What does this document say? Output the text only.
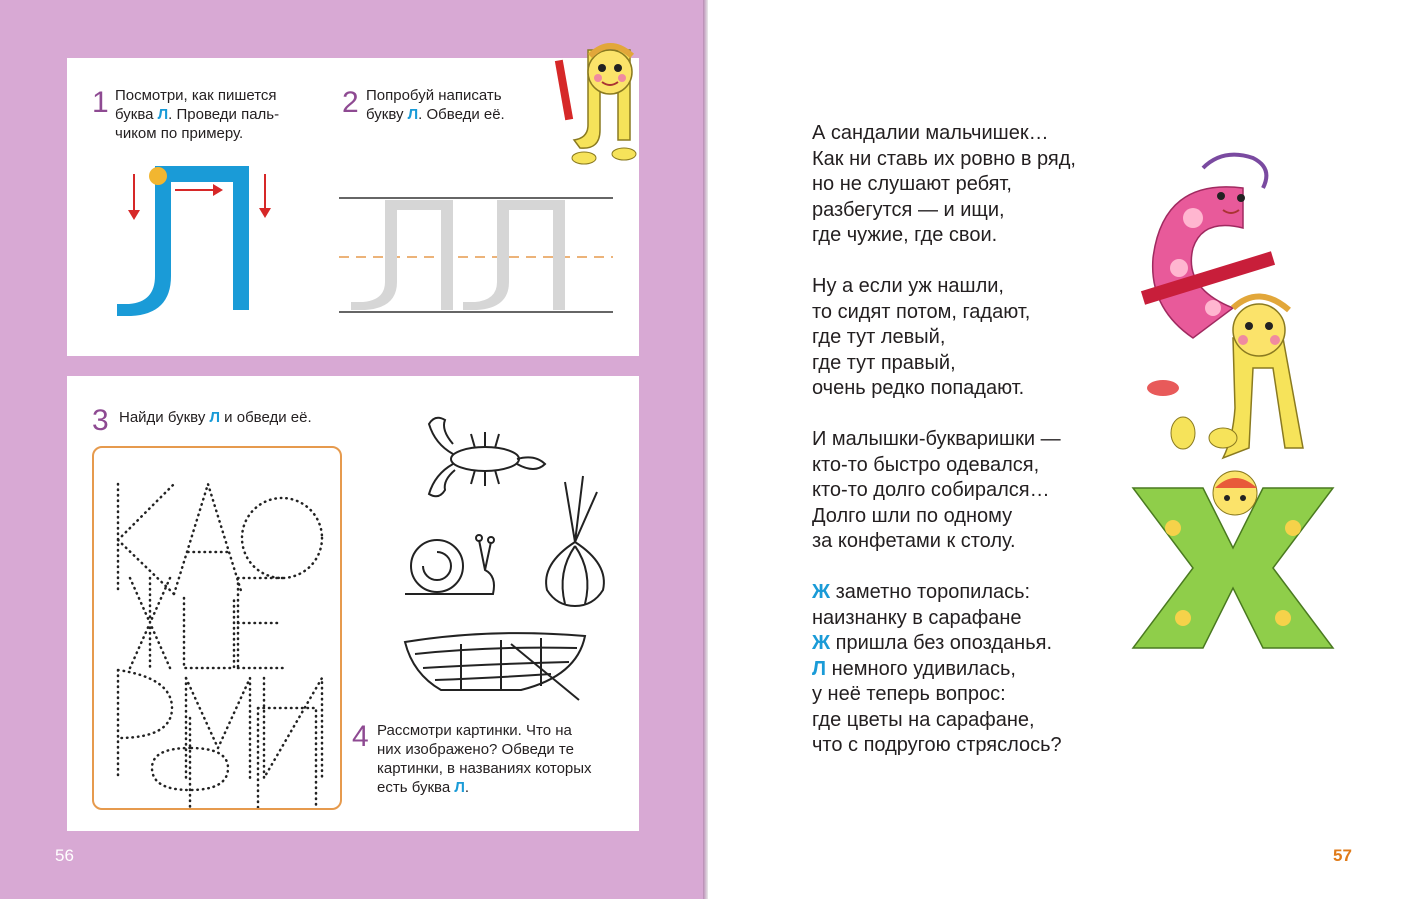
1 Посмотри, как пишется
буква Л. Проведи паль-
чиком по примеру.
2 Попробуй написать
букву Л. Обведи её.
3 Найди букву Л и обведи её.
4 Рассмотри картинки. Что на
них изображено? Обведи те
картинки, в названиях которых
есть буква Л.
56
А сандалии мальчишек…
Как ни ставь их ровно в ряд,
но не слушают ребят,
разбегутся — и ищи,
где чужие, где свои.
Ну а если уж нашли,
то сидят потом, гадают,
где тут левый,
где тут правый,
очень редко попадают.
И малышки-букваришки —
кто-то быстро одевался,
кто-то долго собирался…
Долго шли по одному
за конфетами к столу.
Ж заметно торопилась:
наизнанку в сарафане
Ж пришла без опозданья.
Л немного удивилась,
у неё теперь вопрос:
где цветы на сарафане,
что с подругою стряслось?
57
